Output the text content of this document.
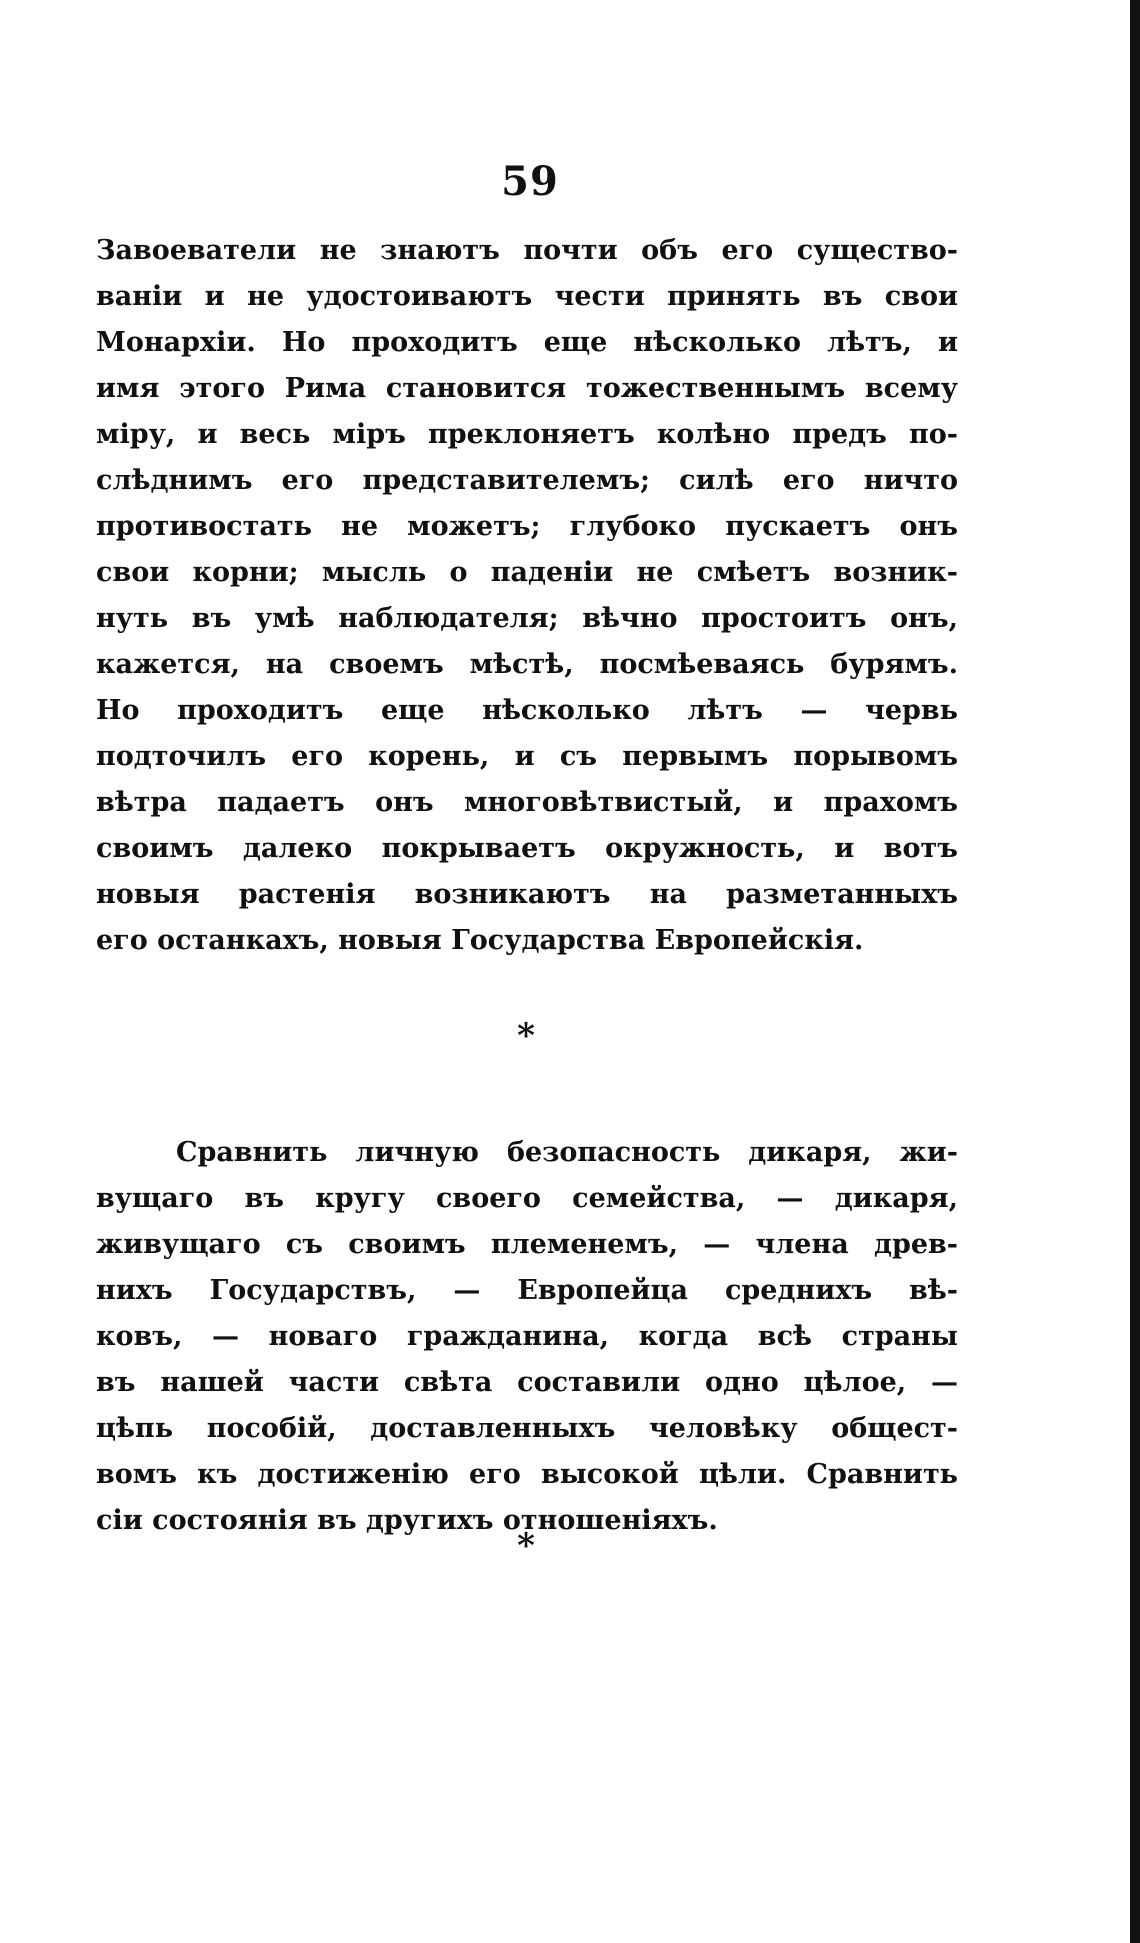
59
Завоеватели не знаютъ почти объ его существо-
ваніи и не удостоиваютъ чести принять въ свои
Монархіи. Но проходитъ еще нѣсколько лѣтъ, и
имя этого Рима становится тожественнымъ всему
міру, и весь міръ преклоняетъ колѣно предъ по-
слѣднимъ его представителемъ; силѣ его ничто
противостать не можетъ; глубоко пускаетъ онъ
свои корни; мысль о паденіи не смѣетъ возник-
нуть въ умѣ наблюдателя; вѣчно простоитъ онъ,
кажется, на своемъ мѣстѣ, посмѣеваясь бурямъ.
Но проходитъ еще нѣсколько лѣтъ — червь
подточилъ его корень, и съ первымъ порывомъ
вѣтра падаетъ онъ многовѣтвистый, и прахомъ
своимъ далеко покрываетъ окружность, и вотъ
новыя растенія возникаютъ на разметанныхъ
его останкахъ, новыя Государства Европейскія.
*
Сравнить личную безопасность дикаря, жи-
вущаго въ кругу своего семейства, — дикаря,
живущаго съ своимъ племенемъ, — члена древ-
нихъ Государствъ, — Европейца среднихъ вѣ-
ковъ, — новаго гражданина, когда всѣ страны
въ нашей части свѣта составили одно цѣлое, —
цѣпь пособій, доставленныхъ человѣку общест-
вомъ къ достиженію его высокой цѣли. Сравнить
сіи состоянія въ другихъ отношеніяхъ.
*
